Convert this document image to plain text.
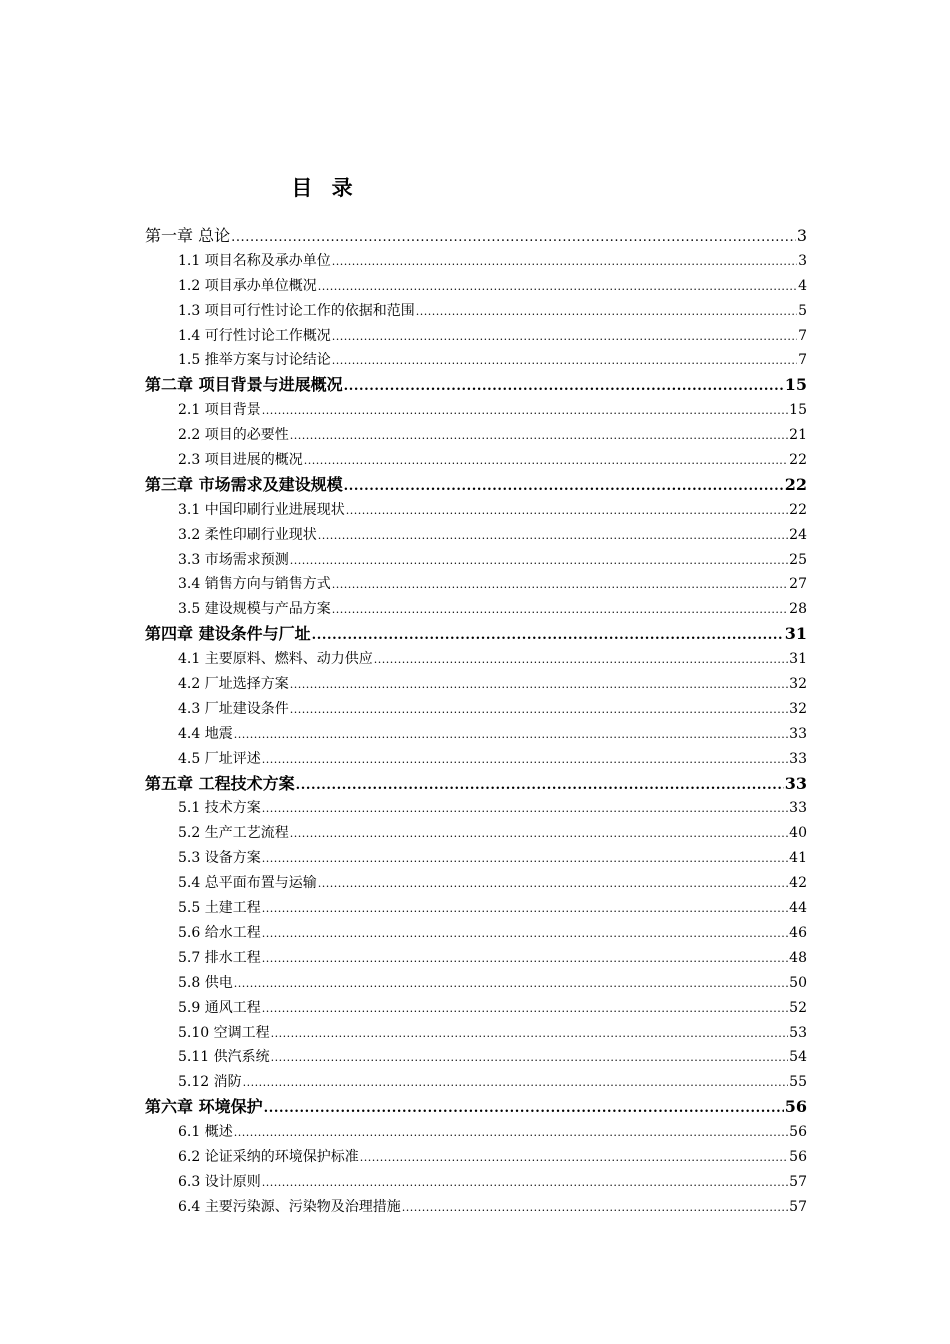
目 录
第一章 总论 .....	3
1.1 项目名称及承办单位 .....	3
1.2 项目承办单位概况 .....	4
1.3 项目可行性讨论工作的依据和范围 .....	5
1.4 可行性讨论工作概况 .....	7
1.5 推举方案与讨论结论 .....	7
第二章 项目背景与进展概况 .....	15
2.1 项目背景 .....	15
2.2 项目的必要性 .....	21
2.3 项目进展的概况 .....	22
第三章 市场需求及建设规模 .....	22
3.1 中国印刷行业进展现状 .....	22
3.2 柔性印刷行业现状 .....	24
3.3 市场需求预测 .....	25
3.4 销售方向与销售方式 .....	27
3.5 建设规模与产品方案 .....	28
第四章 建设条件与厂址 .....	31
4.1 主要原料、燃料、动力供应 .....	31
4.2 厂址选择方案 .....	32
4.3 厂址建设条件 .....	32
4.4 地震 .....	33
4.5 厂址评述 .....	33
第五章 工程技术方案 .....	33
5.1 技术方案 .....	33
5.2 生产工艺流程 .....	40
5.3 设备方案 .....	41
5.4 总平面布置与运输 .....	42
5.5 土建工程 .....	44
5.6 给水工程 .....	46
5.7 排水工程 .....	48
5.8 供电 .....	50
5.9 通风工程 .....	52
5.10 空调工程 .....	53
5.11 供汽系统 .....	54
5.12 消防 .....	55
第六章 环境保护 .....	56
6.1 概述 .....	56
6.2 论证采纳的环境保护标准 .....	56
6.3 设计原则 .....	57
6.4 主要污染源、污染物及治理措施 .....	57
